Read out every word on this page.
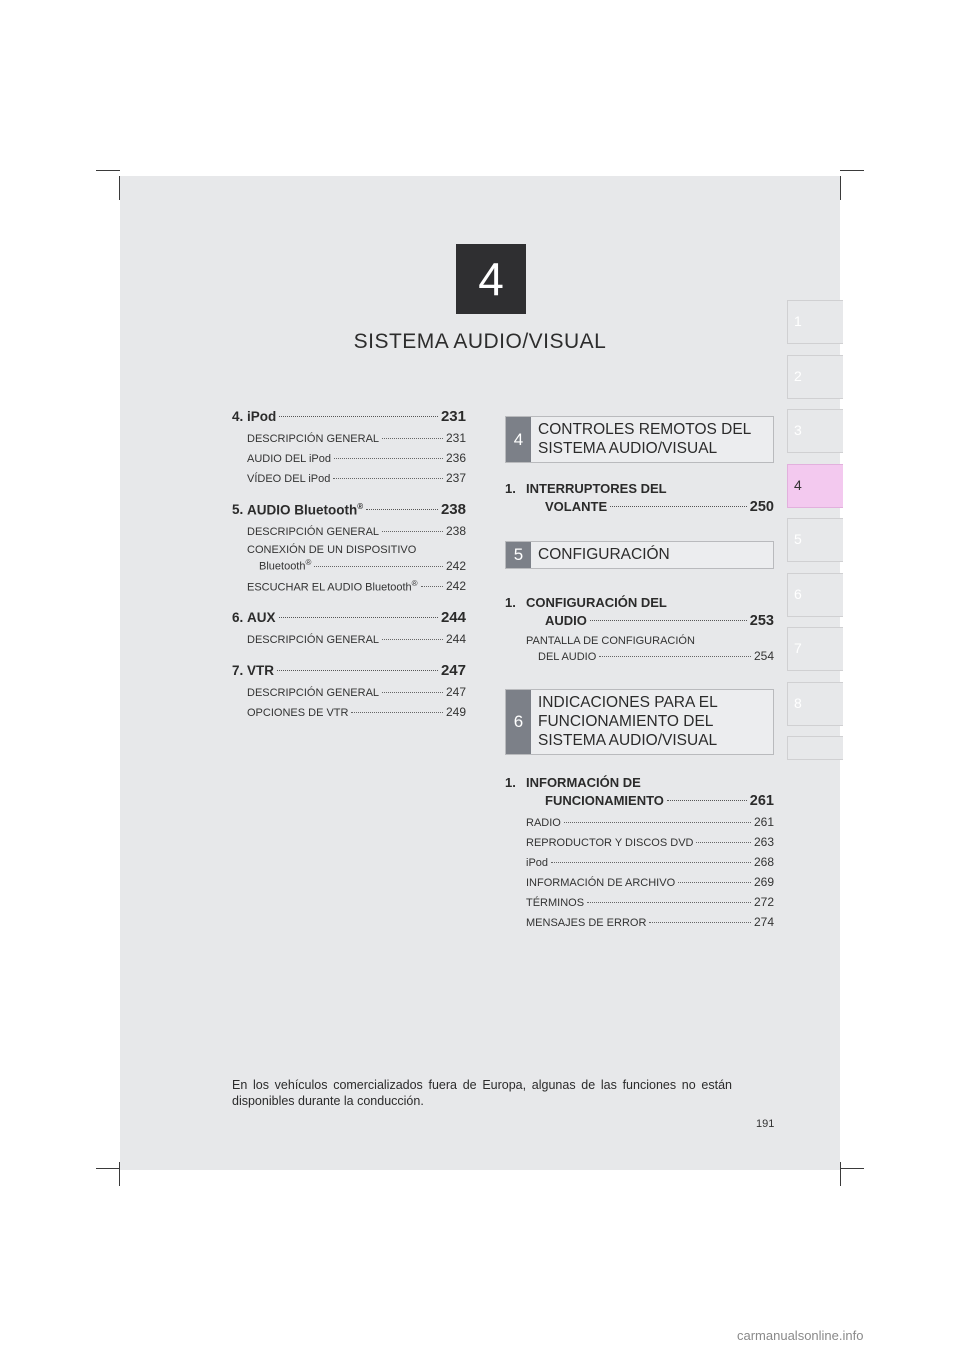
4
SISTEMA AUDIO/VISUAL
1
2
3
4
5
6
7
8
4. iPod	231
DESCRIPCIÓN GENERAL	231
AUDIO DEL iPod	236
VÍDEO DEL iPod	237
5. AUDIO Bluetooth®	238
DESCRIPCIÓN GENERAL	238
CONEXIÓN DE UN DISPOSITIVO
Bluetooth®	242
ESCUCHAR EL AUDIO Bluetooth® 242
6. AUX	244
DESCRIPCIÓN GENERAL	244
7. VTR	247
DESCRIPCIÓN GENERAL	247
OPCIONES DE VTR	249
4 CONTROLES REMOTOS DEL SISTEMA AUDIO/VISUAL
1. INTERRUPTORES DEL
VOLANTE	250
5 CONFIGURACIÓN
1. CONFIGURACIÓN DEL
AUDIO	253
PANTALLA DE CONFIGURACIÓN
DEL AUDIO	254
6
INDICACIONES PARA EL FUNCIONAMIENTO DEL SISTEMA AUDIO/VISUAL
1. INFORMACIÓN DE
FUNCIONAMIENTO	261
RADIO	261
REPRODUCTOR Y DISCOS DVD	263
iPod	268
INFORMACIÓN DE ARCHIVO	269
TÉRMINOS	272
MENSAJES DE ERROR	274
En los vehículos comercializados fuera de Europa, algunas de las funciones no están disponibles durante la conducción.
191
carmanualsonline.info
